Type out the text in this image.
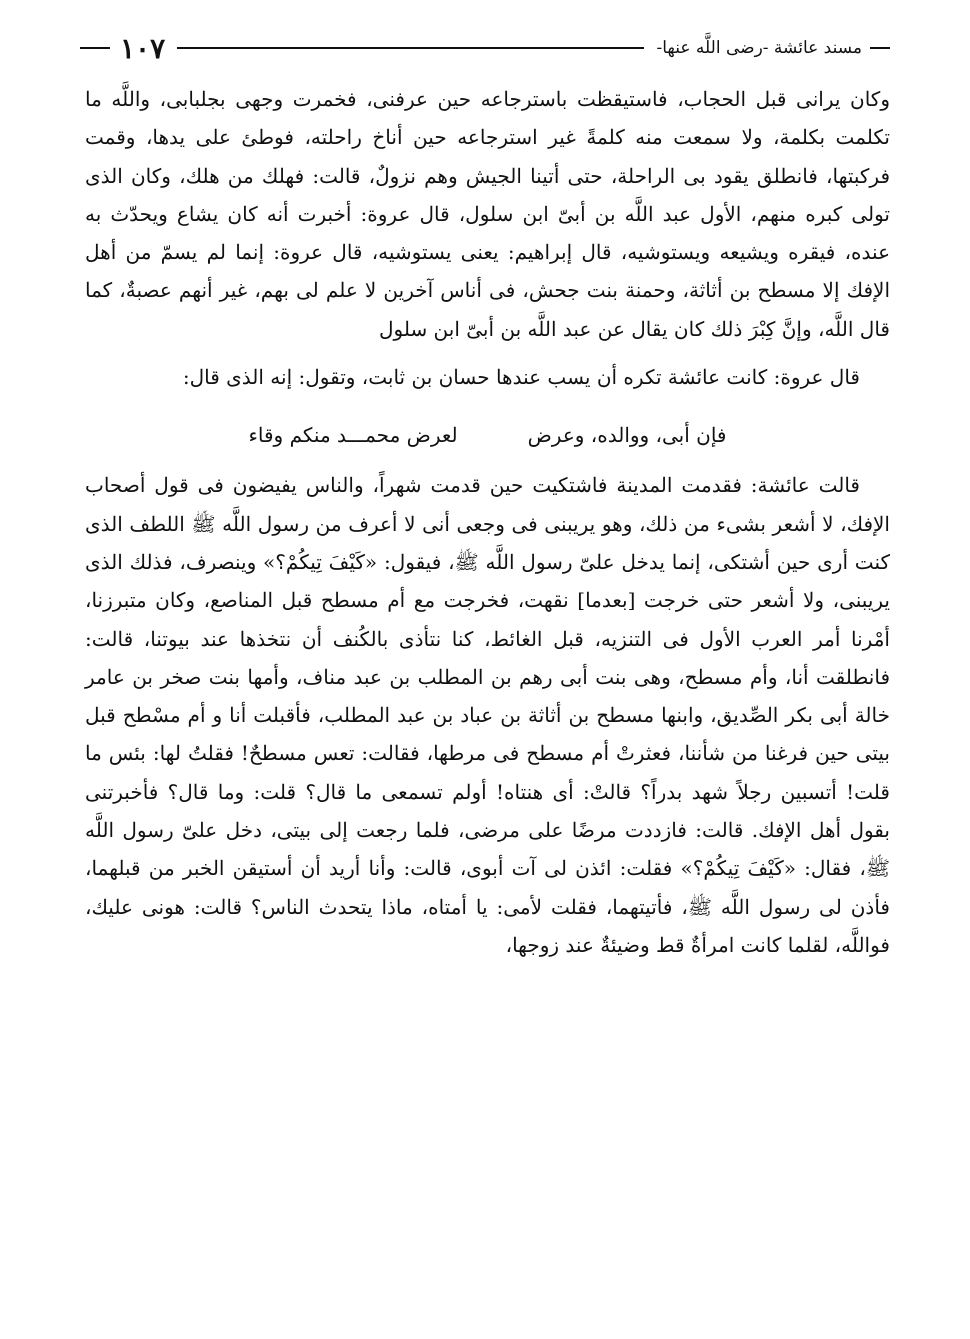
مسند عائشة -رضى اللَّه عنها-
١٠٧

وكان يرانى قبل الحجاب، فاستيقظت باسترجاعه حين عرفنى، فخمرت وجهى بجلبابى، واللَّه ما تكلمت بكلمة، ولا سمعت منه كلمةً غير استرجاعه حين أناخ راحلته، فوطئ على يدها، وقمت فركبتها، فانطلق يقود بى الراحلة، حتى أتينا الجيش وهم نزولٌ، قالت: فهلك من هلك، وكان الذى تولى كبره منهم، الأول عبد اللَّه بن أبىّ ابن سلول، قال عروة: أخبرت أنه كان يشاع ويحدّث به عنده، فيقره ويشيعه ويستوشيه، قال إبراهيم: يعنى يستوشيه، قال عروة: إنما لم يسمّ من أهل الإفك إلا مسطح بن أثاثة، وحمنة بنت جحش، فى أناس آخرين لا علم لى بهم، غير أنهم عصبةٌ، كما قال اللَّه، وإنَّ كِبْرَ ذلك كان يقال عن عبد اللَّه بن أبىّ ابن سلول

قال عروة: كانت عائشة تكره أن يسب عندها حسان بن ثابت، وتقول: إنه الذى قال:

فإن أبى، ووالده، وعرض
لعرض محمـــد منكم وقاء

قالت عائشة: فقدمت المدينة فاشتكيت حين قدمت شهراً، والناس يفيضون فى قول أصحاب الإفك، لا أشعر بشىء من ذلك، وهو يريبنى فى وجعى أنى لا أعرف من رسول اللَّه ﷺ اللطف الذى كنت أرى حين أشتكى، إنما يدخل علىّ رسول اللَّه ﷺ، فيقول: «كَيْفَ تِيكُمْ؟» وينصرف، فذلك الذى يريبنى، ولا أشعر حتى خرجت [بعدما] نقهت، فخرجت مع أم مسطح قبل المناصع، وكان متبرزنا، أمْرنا أمر العرب الأول فى التنزيه، قبل الغائط، كنا نتأذى بالكُنف أن نتخذها عند بيوتنا، قالت: فانطلقت أنا، وأم مسطح، وهى بنت أبى رهم بن المطلب بن عبد مناف، وأمها بنت صخر بن عامر خالة أبى بكر الصِّديق، وابنها مسطح بن أثاثة بن عباد بن عبد المطلب، فأقبلت أنا و أم مسْطح قبل بيتى حين فرغنا من شأننا، فعثرتْ أم مسطح فى مرطها، فقالت: تعس مسطحٌ! فقلتُ لها: بئس ما قلت! أتسبين رجلاً شهد بدراً؟ قالتْ: أى هنتاه! أولم تسمعى ما قال؟ قلت: وما قال؟ فأخبرتنى بقول أهل الإفك. قالت: فازددت مرضًا على مرضى، فلما رجعت إلى بيتى، دخل علىّ رسول اللَّه ﷺ، فقال: «كَيْفَ تِيكُمْ؟» فقلت: ائذن لى آت أبوى، قالت: وأنا أريد أن أستيقن الخبر من قبلهما، فأذن لى رسول اللَّه ﷺ، فأتيتهما، فقلت لأمى: يا أمتاه، ماذا يتحدث الناس؟ قالت: هونى عليك، فواللَّه، لقلما كانت امرأةٌ قط وضيئةٌ عند زوجها،
